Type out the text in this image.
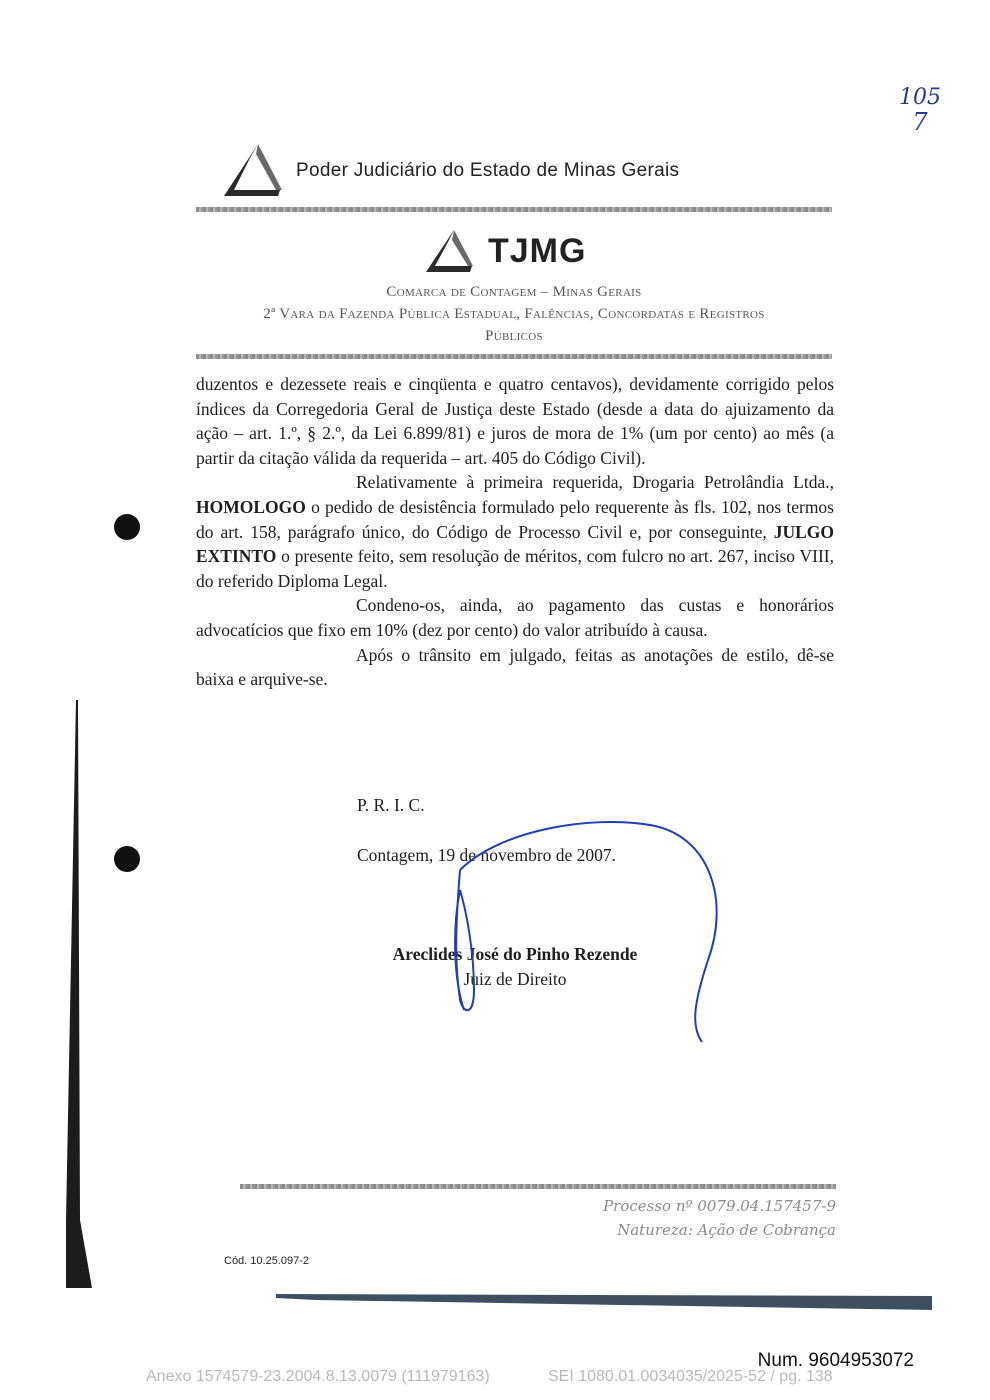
105
7
Poder Judiciário do Estado de Minas Gerais
TJMG
Comarca de Contagem – Minas Gerais
2ª Vara da Fazenda Pública Estadual, Falências, Concordatas e Registros
Públicos

duzentos e dezessete reais e cinqüenta e quatro centavos), devidamente corrigido pelos índices da Corregedoria Geral de Justiça deste Estado (desde a data do ajuizamento da ação – art. 1.º, § 2.º, da Lei 6.899/81) e juros de mora de 1% (um por cento) ao mês (a partir da citação válida da requerida – art. 405 do Código Civil).

Relativamente à primeira requerida, Drogaria Petrolândia Ltda., HOMOLOGO o pedido de desistência formulado pelo requerente às fls. 102, nos termos do art. 158, parágrafo único, do Código de Processo Civil e, por conseguinte, JULGO EXTINTO o presente feito, sem resolução de méritos, com fulcro no art. 267, inciso VIII, do referido Diploma Legal.

Condeno-os, ainda, ao pagamento das custas e honorários advocatícios que fixo em 10% (dez por cento) do valor atribuído à causa.

Após o trânsito em julgado, feitas as anotações de estilo, dê-se baixa e arquive-se.

P. R. I. C.
Contagem, 19 de novembro de 2007.
Areclides José do Pinho Rezende
Juiz de Direito
Processo nº 0079.04.157457-9
Natureza: Ação de Cobrança
Cód. 10.25.097-2
Num. 9604953072
Anexo 1574579-23.2004.8.13.0079 (111979163)	SEI 1080.01.0034035/2025-52 / pg. 138
